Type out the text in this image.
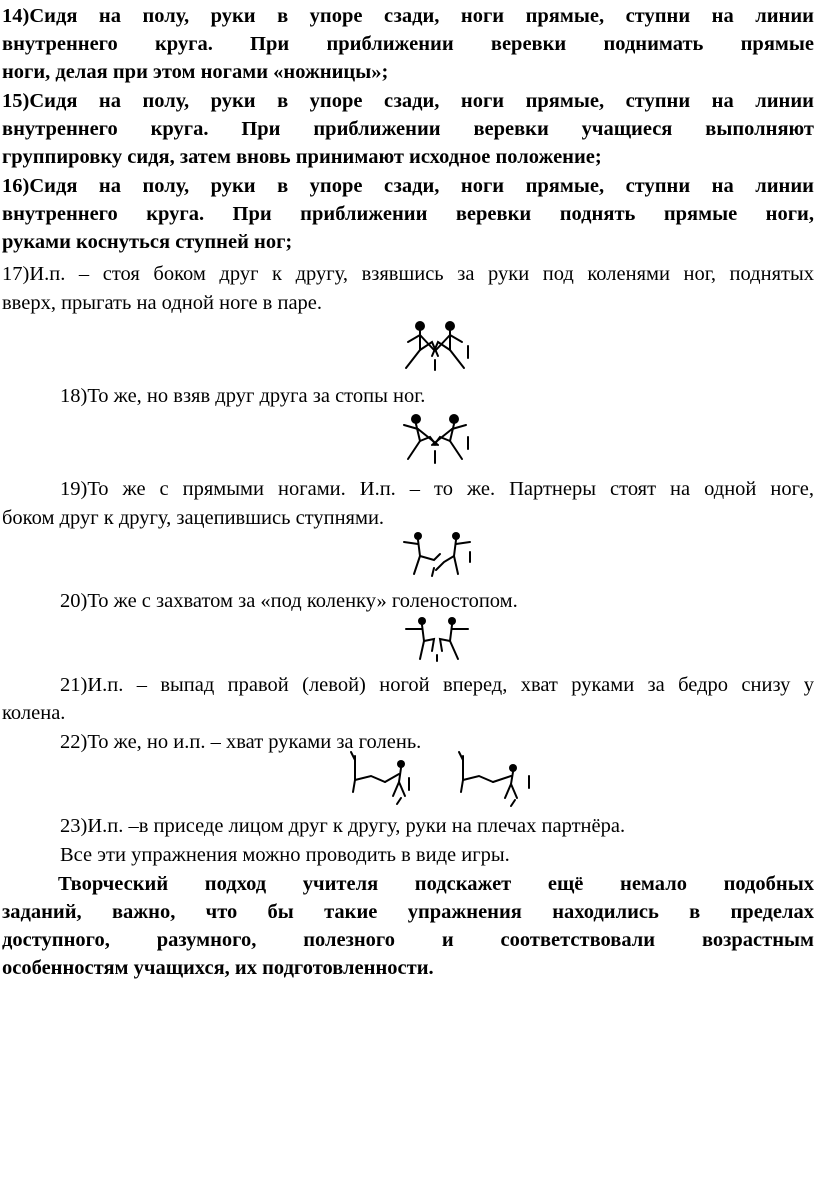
14)Сидя на полу, руки в упоре сзади, ноги прямые, ступни на линии
внутреннего круга. При приближении веревки поднимать прямые
ноги, делая при этом ногами «ножницы»;
15)Сидя на полу, руки в упоре сзади, ноги прямые, ступни на линии
внутреннего круга. При приближении веревки учащиеся выполняют
группировку сидя, затем вновь принимают исходное положение;
16)Сидя на полу, руки в упоре сзади, ноги прямые, ступни на линии
внутреннего круга. При приближении веревки поднять прямые ноги,
руками коснуться ступней ног;
17)И.п. – стоя боком друг к другу, взявшись за руки под коленями ног, поднятых
вверх, прыгать на одной ноге в паре.
18)То же, но взяв друг друга за стопы ног.
19)То же с прямыми ногами. И.п. – то же. Партнеры стоят на одной ноге,
боком друг к другу, зацепившись ступнями.
20)То же с захватом за «под коленку» голеностопом.
21)И.п. – выпад правой (левой) ногой вперед, хват руками за бедро снизу у
колена.
22)То же, но и.п. – хват руками за голень.
23)И.п. –в приседе лицом друг к другу, руки на плечах партнёра.
Все эти упражнения можно проводить в виде игры.
Творческий подход учителя подскажет ещё немало подобных
заданий, важно, что бы такие упражнения находились в пределах
доступного, разумного, полезного и соответствовали возрастным
особенностям учащихся, их подготовленности.
